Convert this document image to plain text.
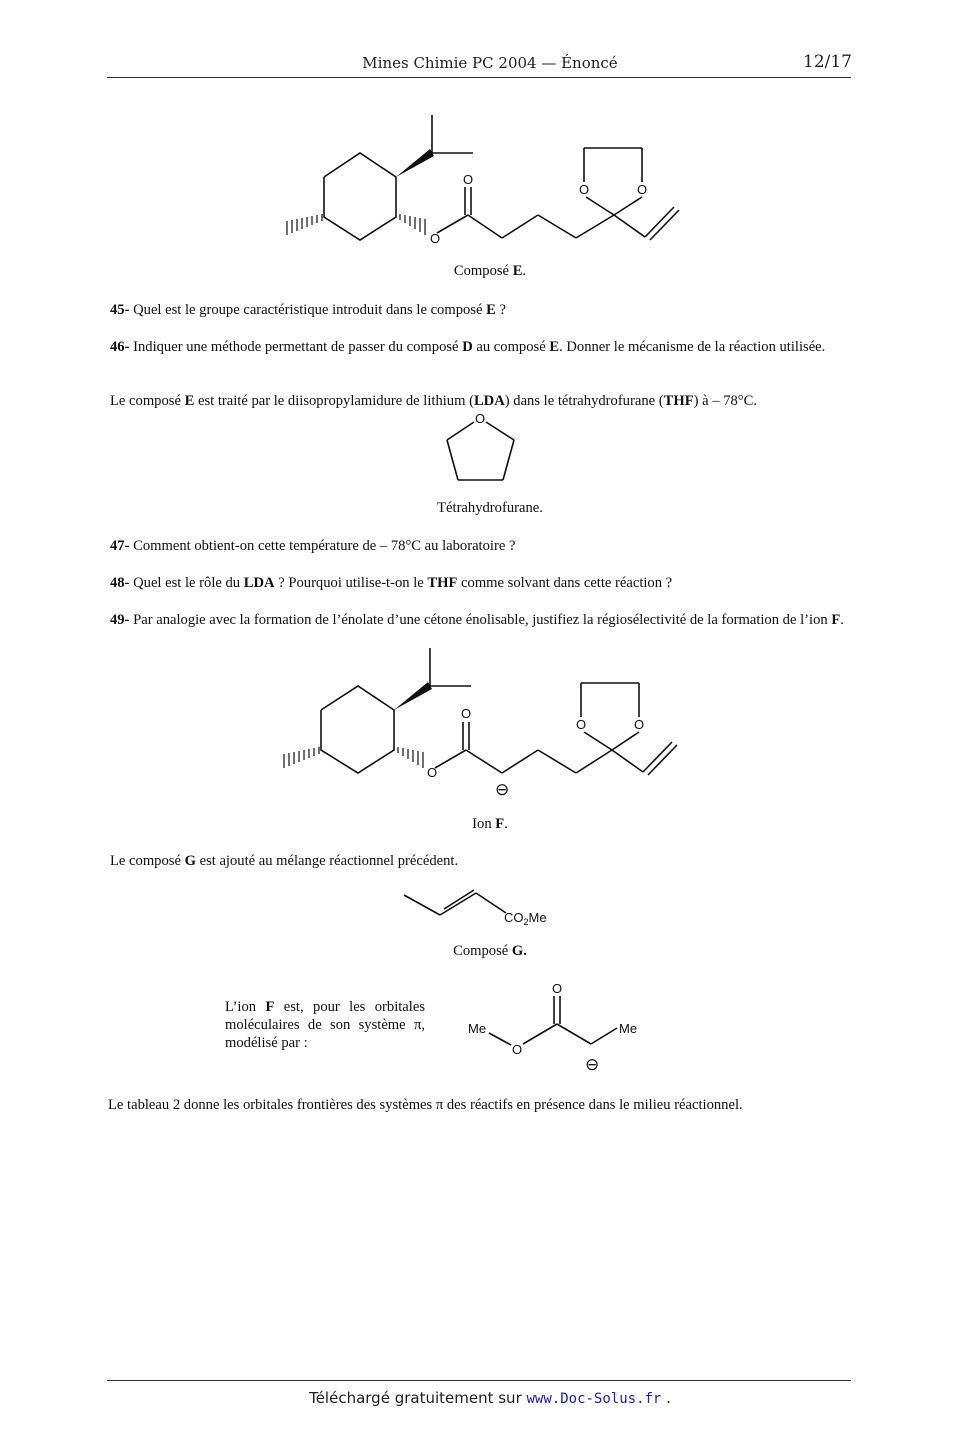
Mines Chimie PC 2004 — Énoncé	12/17
O
O
O	O
Composé E.
45- Quel est le groupe caractéristique introduit dans le composé E ?
46- Indiquer une méthode permettant de passer du composé D au composé E. Donner le mécanisme de la réaction utilisée.
Le composé E est traité par le diisopropylamidure de lithium (LDA) dans le tétrahydrofurane (THF) à – 78°C.
O
Tétrahydrofurane.
47- Comment obtient-on cette température de – 78°C au laboratoire ?
48- Quel est le rôle du LDA ? Pourquoi utilise-t-on le THF comme solvant dans cette réaction ?
49- Par analogie avec la formation de l’énolate d’une cétone énolisable, justifiez la régiosélectivité de la formation de l’ion F.
O
O
O	O
⊖
Ion F.
Le composé G est ajouté au mélange réactionnel précédent.
$CO_2Me$
Composé G.
L’ion F est, pour les orbitales moléculaires de son système π, modélisé par :
Me
O
O
Me
⊖
Le tableau 2 donne les orbitales frontières des systèmes π des réactifs en présence dans le milieu réactionnel.
Téléchargé gratuitement sur www.Doc-Solus.fr .
